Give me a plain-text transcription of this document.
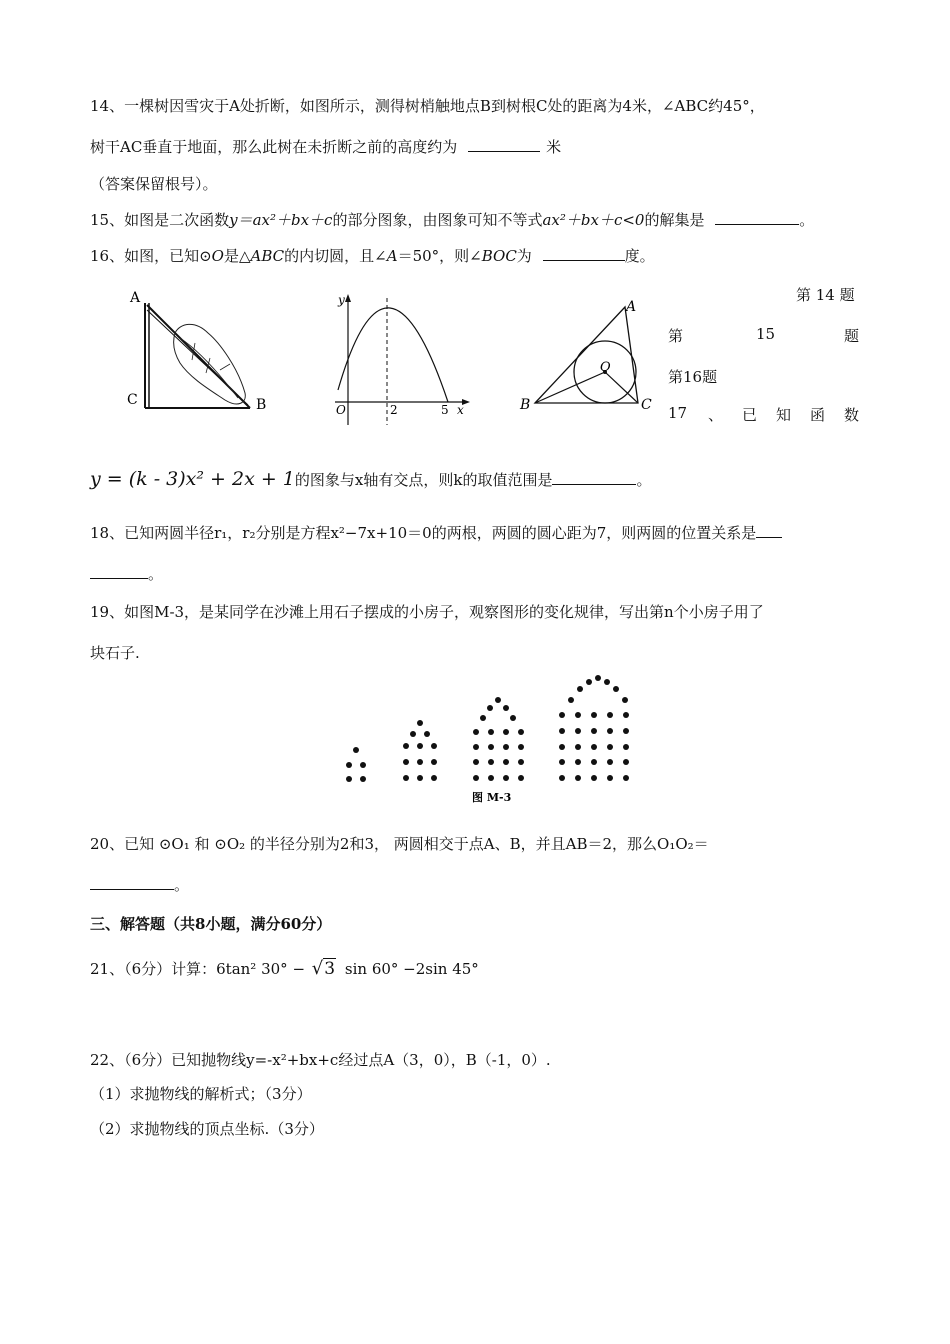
14、一棵树因雪灾于A处折断，如图所示，测得树梢触地点B到树根C处的距离为4米，∠ABC约45°，
树干AC垂直于地面，那么此树在未折断之前的高度约为	米
（答案保留根号）。
15、如图是二次函数y＝ax²＋bx＋c的部分图象，由图象可知不等式ax²＋bx＋c<0的解集是	。
16、如图，已知⊙O是△ABC的内切圆，且∠A＝50°，则∠BOC为	度。
A
C	B
y
O	2	5 x
A
B	C
O
第 14 题
第	15	题
第16题
17 、 已 知 函 数
y = (k - 3)x² + 2x + 1的图象与x轴有交点，则k的取值范围是	。
18、已知两圆半径r₁，r₂分别是方程x²−7x+10＝0的两根，两圆的圆心距为7，则两圆的位置关系是
。
19、如图M-3，是某同学在沙滩上用石子摆成的小房子，观察图形的变化规律，写出第n个小房子用了
块石子.
图 M-3
20、已知 ⊙O₁ 和 ⊙O₂ 的半径分别为2和3， 两圆相交于点A、B，并且AB＝2，那么O₁O₂＝
。
三、解答题（共8小题，满分60分）
21、（6分）计算：6tan² 30° − √3 sin 60° −2sin 45°
22、（6分）已知抛物线y=-x²+bx+c经过点A（3，0），B（-1，0）.
（1）求抛物线的解析式；（3分）
（2）求抛物线的顶点坐标.（3分）
